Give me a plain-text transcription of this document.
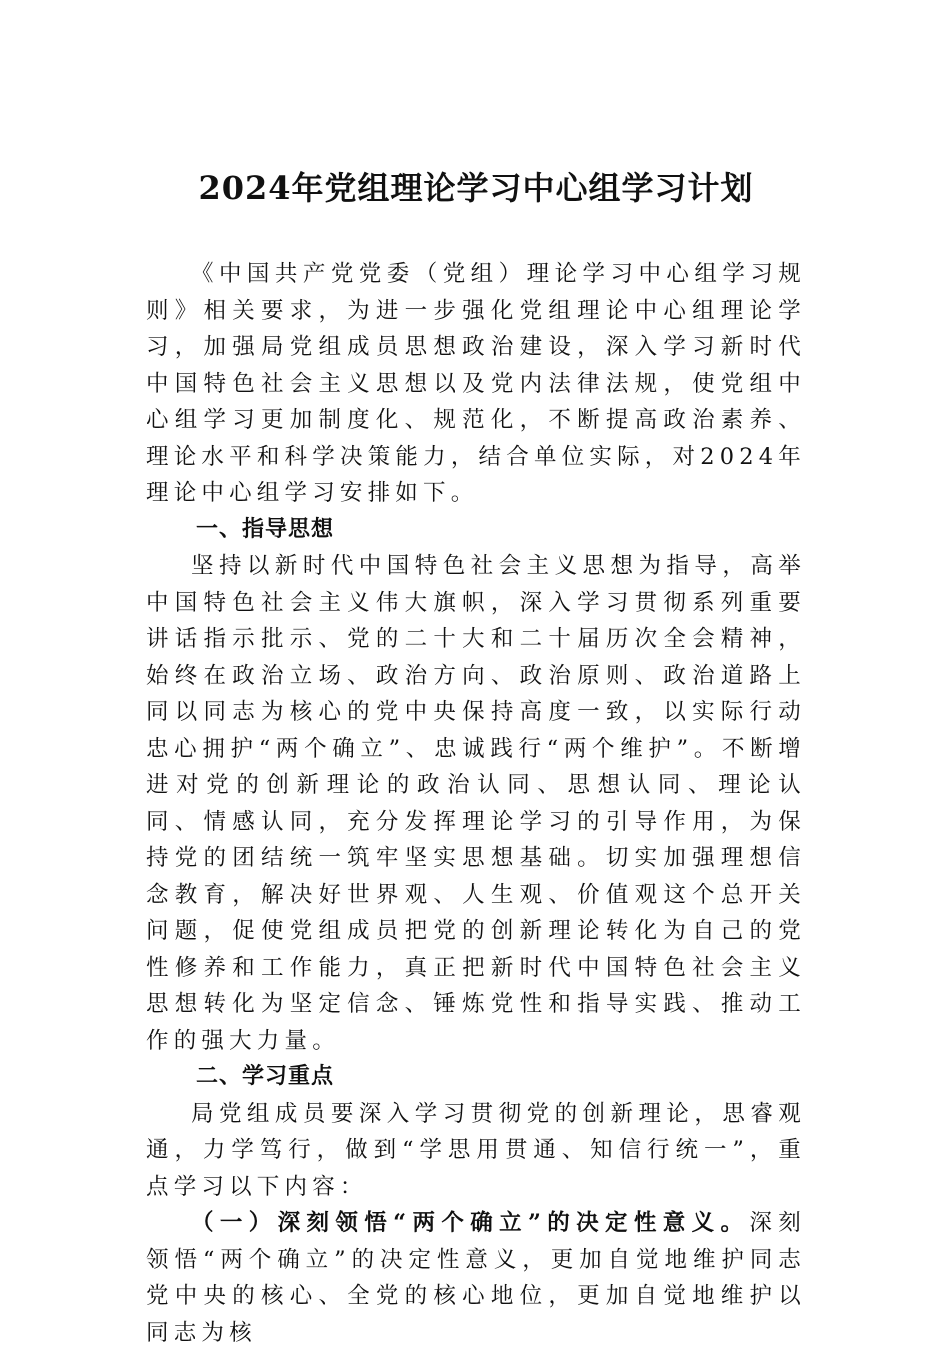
2024年党组理论学习中心组学习计划

《中国共产党党委（党组）理论学习中心组学习规则》相关要求，为进一步强化党组理论中心组理论学习，加强局党组成员思想政治建设，深入学习新时代中国特色社会主义思想以及党内法律法规，使党组中心组学习更加制度化、规范化，不断提高政治素养、理论水平和科学决策能力，结合单位实际，对2024年理论中心组学习安排如下。

一、指导思想

坚持以新时代中国特色社会主义思想为指导，高举中国特色社会主义伟大旗帜，深入学习贯彻系列重要讲话指示批示、党的二十大和二十届历次全会精神，始终在政治立场、政治方向、政治原则、政治道路上同以同志为核心的党中央保持高度一致，以实际行动忠心拥护“两个确立”、忠诚践行“两个维护”。不断增进对党的创新理论的政治认同、思想认同、理论认同、情感认同，充分发挥理论学习的引导作用，为保持党的团结统一筑牢坚实思想基础。切实加强理想信念教育，解决好世界观、人生观、价值观这个总开关问题，促使党组成员把党的创新理论转化为自己的党性修养和工作能力，真正把新时代中国特色社会主义思想转化为坚定信念、锤炼党性和指导实践、推动工作的强大力量。

二、学习重点

局党组成员要深入学习贯彻党的创新理论，思睿观通，力学笃行，做到“学思用贯通、知信行统一”，重点学习以下内容：

（一）深刻领悟“两个确立”的决定性意义。深刻领悟“两个确立”的决定性意义，更加自觉地维护同志党中央的核心、全党的核心地位，更加自觉地维护以同志为核
